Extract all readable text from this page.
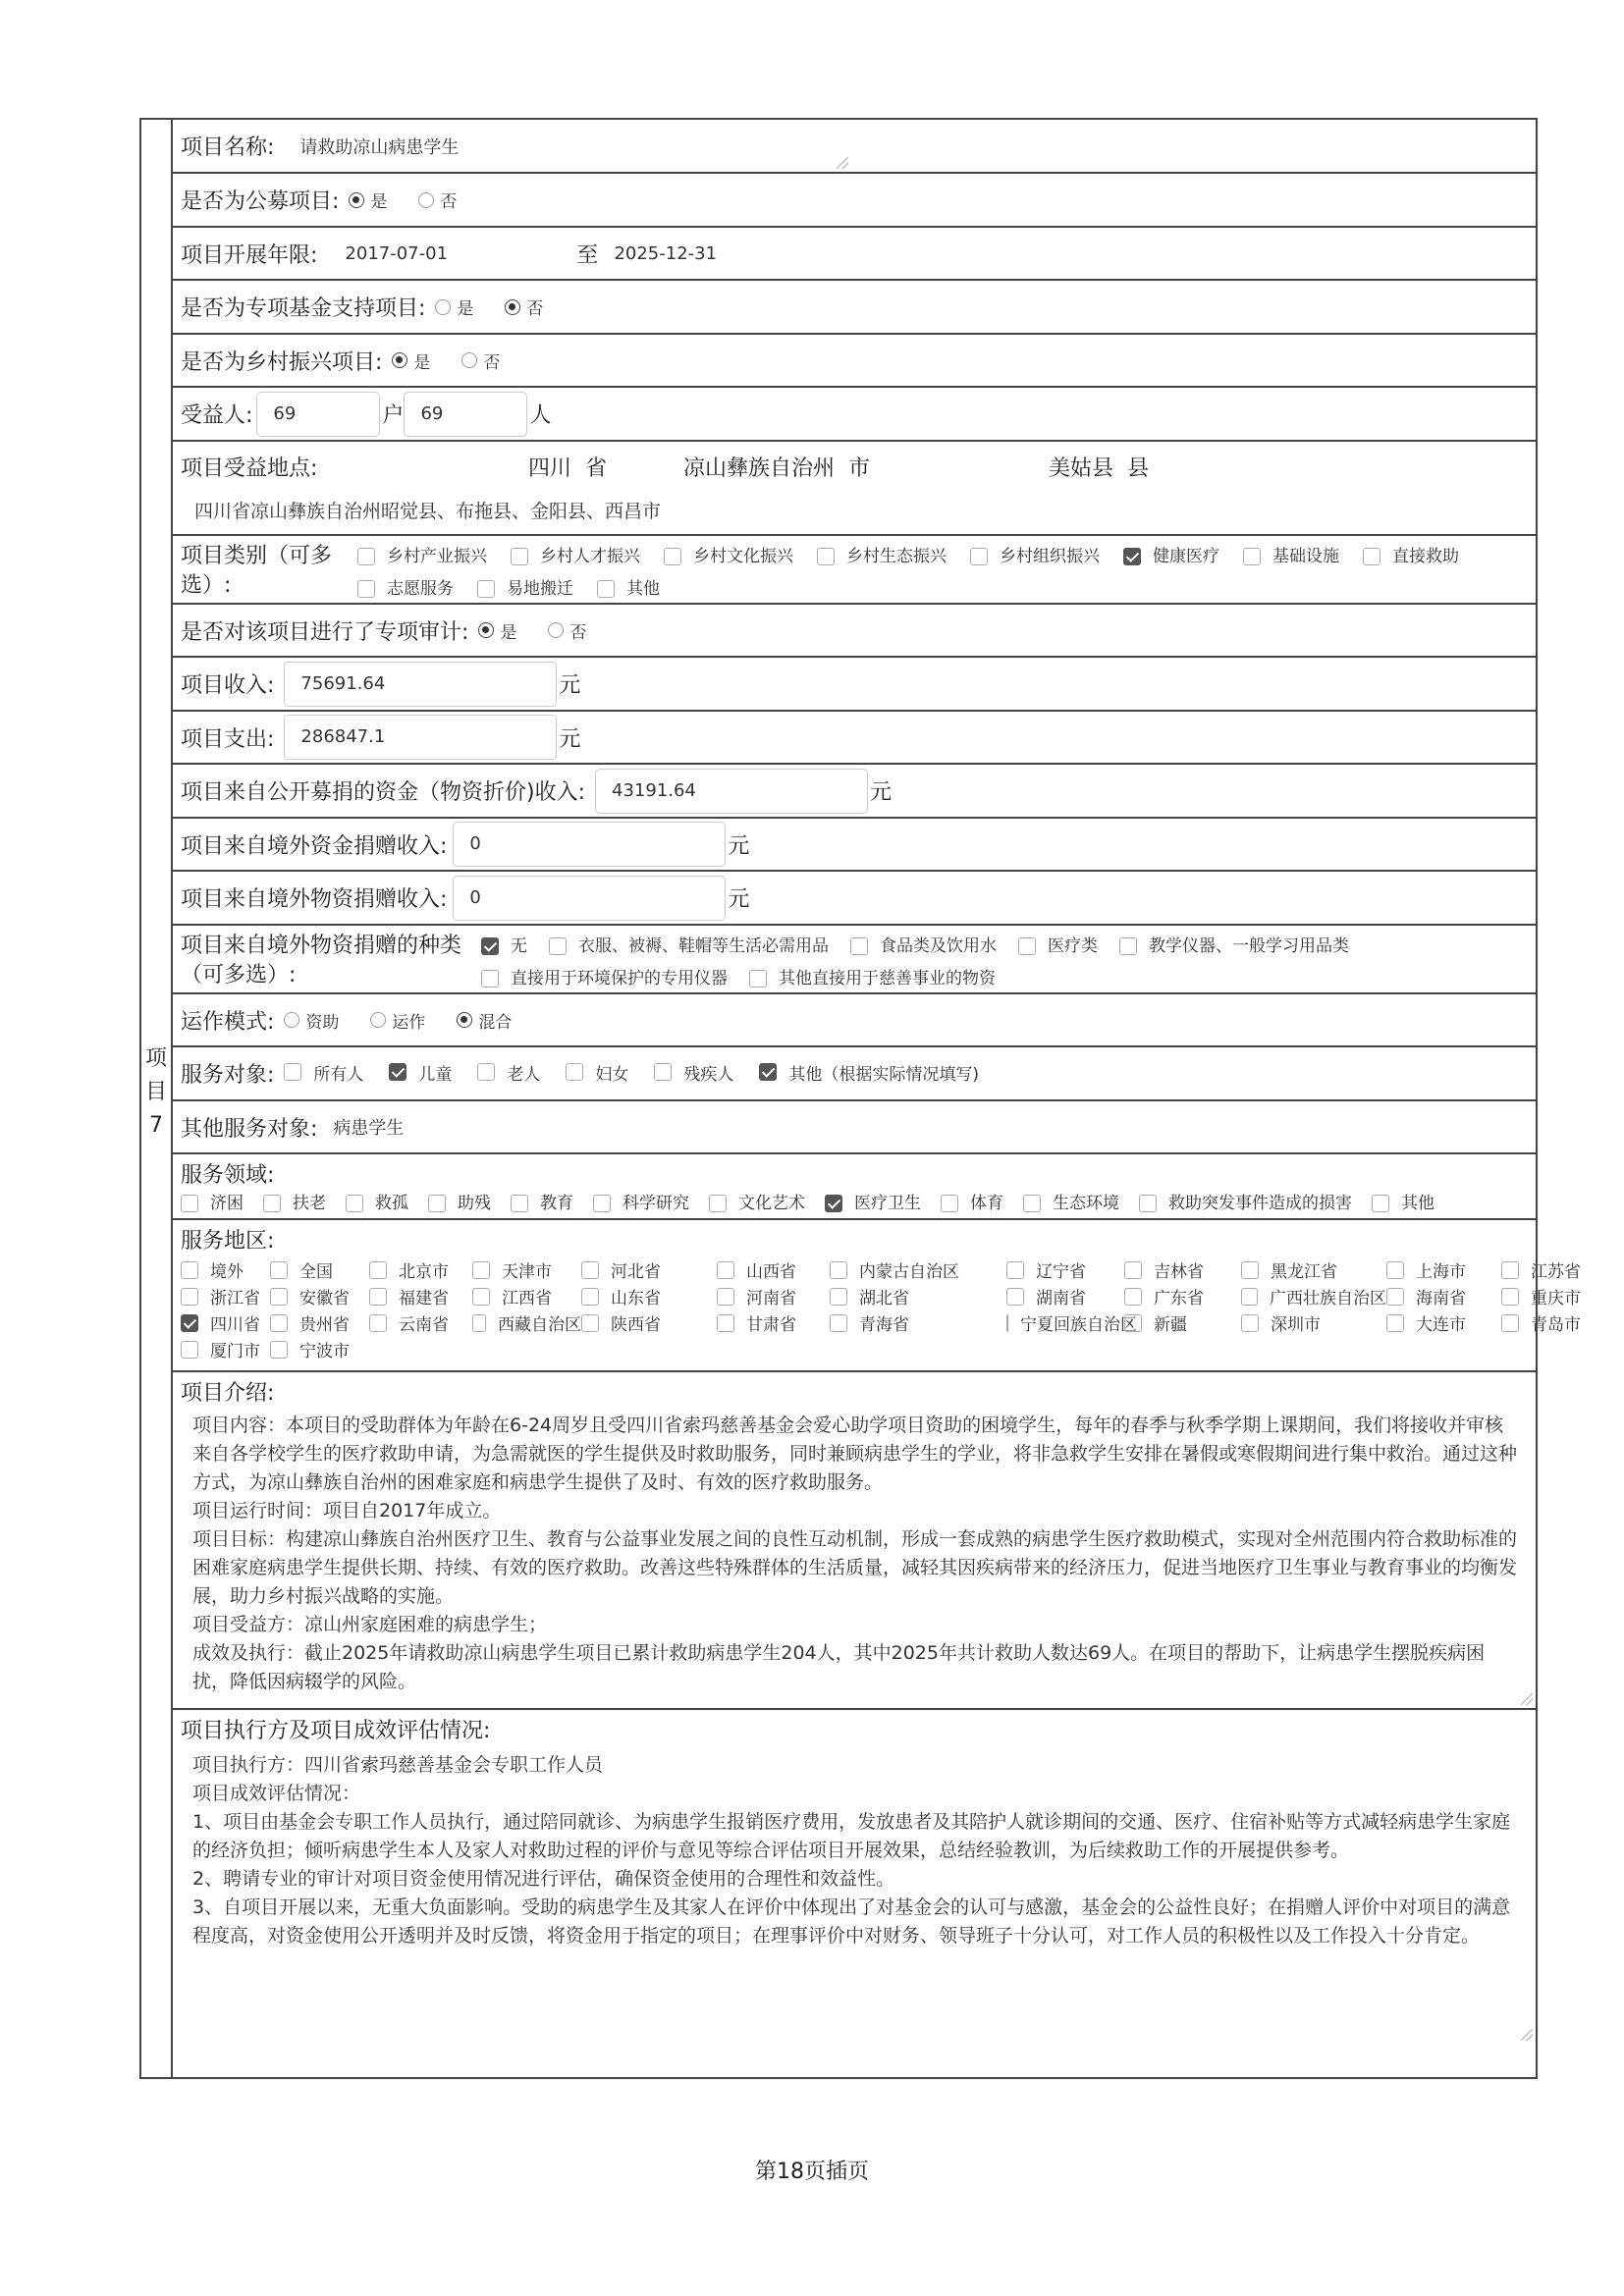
项目7
项目名称: 请救助凉山病患学生
是否为公募项目: 是	否
项目开展年限: 2017-07-01	至 2025-12-31
是否为专项基金支持项目: 是	否
是否为乡村振兴项目: 是	否
受益人:	69	户 69	人
项目受益地点:	四川 省	凉山彝族自治州 市	美姑县 县
四川省凉山彝族自治州昭觉县、布拖县、金阳县、西昌市
项目类别（可多选）:
乡村产业振兴	乡村人才振兴	乡村文化振兴	乡村生态振兴	乡村组织振兴	健康医疗	基础设施	直接救助

志愿服务	易地搬迁	其他
是否对该项目进行了专项审计: 是	否
项目收入:	75691.64	元
项目支出:	286847.1	元
项目来自公开募捐的资金（物资折价)收入:	43191.64	元
项目来自境外资金捐赠收入:	0	元
项目来自境外物资捐赠收入:	0	元
项目来自境外物资捐赠的种类（可多选）:
无	衣服、被褥、鞋帽等生活必需用品	食品类及饮用水	医疗类	教学仪器、一般学习用品类

直接用于环境保护的专用仪器	其他直接用于慈善事业的物资
运作模式: 资助	运作	混合
服务对象: 所有人	儿童	老人	妇女	残疾人	其他（根据实际情况填写)
其他服务对象: 病患学生
服务领域:
济困	扶老	救孤	助残	教育	科学研究	文化艺术	医疗卫生	体育	生态环境	救助突发事件造成的损害	其他
服务地区:
境外	全国	北京市	天津市	河北省	山西省	内蒙古自治区	辽宁省	吉林省	黑龙江省	上海市	江苏省
浙江省 安徽省	福建省	江西省	山东省	河南省	湖北省	湖南省	广东省	广西壮族自治区 海南省	重庆市
四川省 贵州省	云南省	西藏自治区 陕西省	甘肃省	青海省	宁夏回族自治区 新疆	深圳市	大连市	青岛市
厦门市 宁波市
项目介绍:
项目内容：本项目的受助群体为年龄在6-24周岁且受四川省索玛慈善基金会爱心助学项目资助的困境学生，每年的春季与秋季学期上课期间，我们将接收并审核来自各学校学生的医疗救助申请，为急需就医的学生提供及时救助服务，同时兼顾病患学生的学业，将非急救学生安排在暑假或寒假期间进行集中救治。通过这种方式，为凉山彝族自治州的困难家庭和病患学生提供了及时、有效的医疗救助服务。
项目运行时间：项目自2017年成立。
项目目标：构建凉山彝族自治州医疗卫生、教育与公益事业发展之间的良性互动机制，形成一套成熟的病患学生医疗救助模式，实现对全州范围内符合救助标准的困难家庭病患学生提供长期、持续、有效的医疗救助。改善这些特殊群体的生活质量，减轻其因疾病带来的经济压力，促进当地医疗卫生事业与教育事业的均衡发展，助力乡村振兴战略的实施。
项目受益方：凉山州家庭困难的病患学生；
成效及执行：截止2025年请救助凉山病患学生项目已累计救助病患学生204人，其中2025年共计救助人数达69人。在项目的帮助下，让病患学生摆脱疾病困扰，降低因病辍学的风险。
项目执行方及项目成效评估情况:
项目执行方：四川省索玛慈善基金会专职工作人员
项目成效评估情况：
1、项目由基金会专职工作人员执行，通过陪同就诊、为病患学生报销医疗费用，发放患者及其陪护人就诊期间的交通、医疗、住宿补贴等方式减轻病患学生家庭的经济负担；倾听病患学生本人及家人对救助过程的评价与意见等综合评估项目开展效果，总结经验教训，为后续救助工作的开展提供参考。
2、聘请专业的审计对项目资金使用情况进行评估，确保资金使用的合理性和效益性。
3、自项目开展以来，无重大负面影响。受助的病患学生及其家人在评价中体现出了对基金会的认可与感激，基金会的公益性良好；在捐赠人评价中对项目的满意程度高，对资金使用公开透明并及时反馈，将资金用于指定的项目；在理事评价中对财务、领导班子十分认可，对工作人员的积极性以及工作投入十分肯定。
第18页插页
